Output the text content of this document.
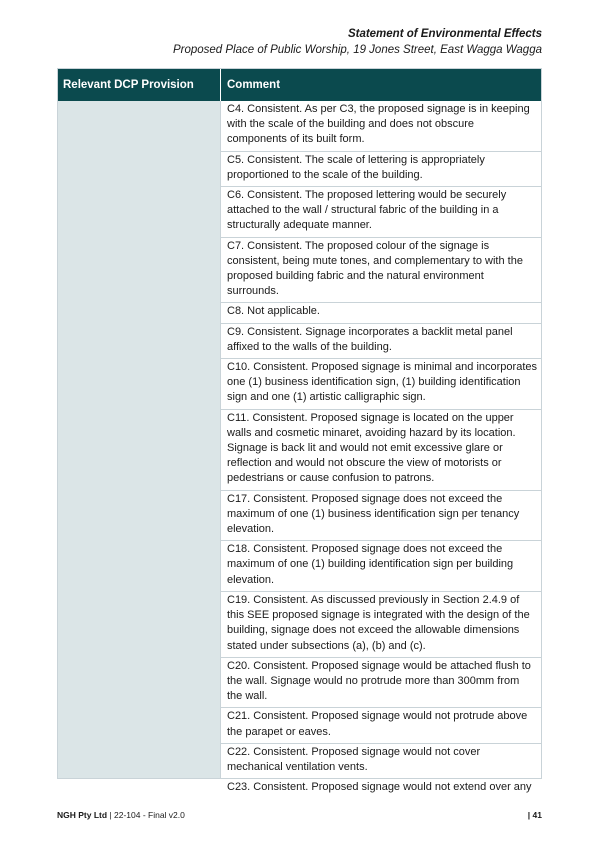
Statement of Environmental Effects
Proposed Place of Public Worship, 19 Jones Street, East Wagga Wagga
Relevant DCP Provision	Comment
C4. Consistent. As per C3, the proposed signage is in keeping with the scale of the building and does not obscure components of its built form.
C5. Consistent. The scale of lettering is appropriately proportioned to the scale of the building.
C6. Consistent. The proposed lettering would be securely attached to the wall / structural fabric of the building in a structurally adequate manner.
C7. Consistent. The proposed colour of the signage is consistent, being mute tones, and complementary to with the proposed building fabric and the natural environment surrounds.
C8. Not applicable.
C9. Consistent. Signage incorporates a backlit metal panel affixed to the walls of the building.
C10. Consistent. Proposed signage is minimal and incorporates one (1) business identification sign, (1) building identification sign and one (1) artistic calligraphic sign.
C11. Consistent. Proposed signage is located on the upper walls and cosmetic minaret, avoiding hazard by its location. Signage is back lit and would not emit excessive glare or reflection and would not obscure the view of motorists or pedestrians or cause confusion to patrons.
C17. Consistent. Proposed signage does not exceed the maximum of one (1) business identification sign per tenancy elevation.
C18. Consistent. Proposed signage does not exceed the maximum of one (1) building identification sign per building elevation.
C19. Consistent. As discussed previously in Section 2.4.9 of this SEE proposed signage is integrated with the design of the building, signage does not exceed the allowable dimensions stated under subsections (a), (b) and (c).
C20. Consistent. Proposed signage would be attached flush to the wall. Signage would no protrude more than 300mm from the wall.
C21. Consistent. Proposed signage would not protrude above the parapet or eaves.
C22. Consistent. Proposed signage would not cover mechanical ventilation vents.
C23. Consistent. Proposed signage would not extend over any
NGH Pty Ltd | 22-104 - Final v2.0	| 41
